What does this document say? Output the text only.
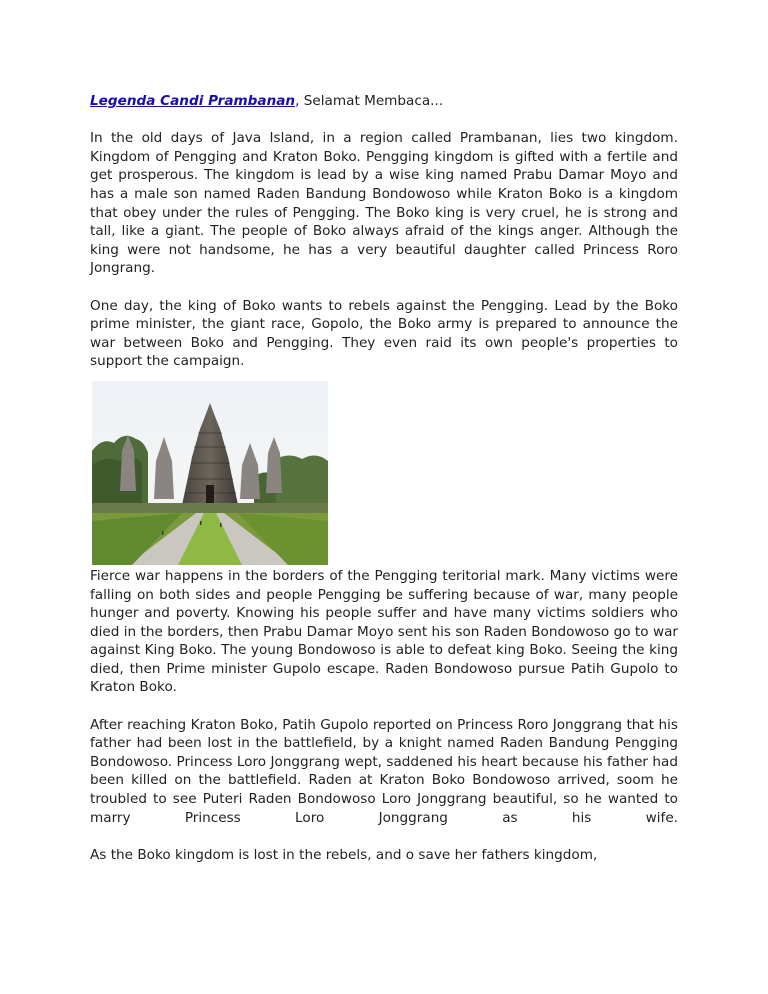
Legenda Candi Prambanan, Selamat Membaca...

In the old days of Java Island, in a region called Prambanan, lies two kingdom. Kingdom of Pengging and Kraton Boko. Pengging kingdom is gifted with a fertile and get prosperous. The kingdom is lead by a wise king named Prabu Damar Moyo and has a male son named Raden Bandung Bondowoso while Kraton Boko is a kingdom that obey under the rules of Pengging. The Boko king is very cruel, he is strong and tall, like a giant. The people of Boko always afraid of the kings anger. Although the king were not handsome, he has a very beautiful daughter called Princess Roro Jongrang.

One day, the king of Boko wants to rebels against the Pengging. Lead by the Boko prime minister, the giant race, Gopolo, the Boko army is prepared to announce the war between Boko and Pengging. They even raid its own people's properties to support the campaign.

Fierce war happens in the borders of the Pengging teritorial mark. Many victims were falling on both sides and people Pengging be suffering because of war, many people hunger and poverty. Knowing his people suffer and have many victims soldiers who died in the borders, then Prabu Damar Moyo sent his son Raden Bondowoso go to war against King Boko. The young Bondowoso is able to defeat king Boko. Seeing the king died, then Prime minister Gupolo escape. Raden Bondowoso pursue Patih Gupolo to Kraton Boko.

After reaching Kraton Boko, Patih Gupolo reported on Princess Roro Jonggrang that his father had been lost in the battlefield, by a knight named Raden Bandung Pengging Bondowoso. Princess Loro Jonggrang wept, saddened his heart because his father had been killed on the battlefield. Raden at Kraton Boko Bondowoso arrived, soom he troubled to see Puteri Raden Bondowoso Loro Jonggrang beautiful, so he wanted to marry Princess Loro Jonggrang as his wife.

As the Boko kingdom is lost in the rebels, and o save her fathers kingdom,
